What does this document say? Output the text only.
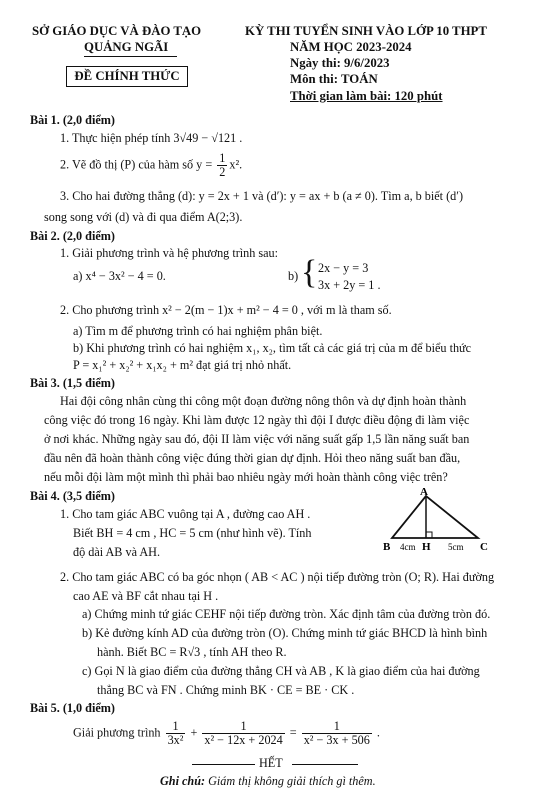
SỞ GIÁO DỤC VÀ ĐÀO TẠO
QUẢNG NGÃI
ĐỀ CHÍNH THỨC
KỲ THI TUYỂN SINH VÀO LỚP 10 THPT
NĂM HỌC 2023-2024
Ngày thi: 9/6/2023
Môn thi: TOÁN
Thời gian làm bài: 120 phút
Bài 1. (2,0 điểm)
1. Thực hiện phép tính 3√49 − √121 .
2. Vẽ đồ thị (P) của hàm số $y = \frac{1}{2} x^2$.
3. Cho hai đường thẳng (d): y = 2x + 1 và (d′): y = ax + b (a ≠ 0). Tìm a, b biết (d′)
song song với (d) và đi qua điểm A(2;3).
Bài 2. (2,0 điểm)
1. Giải phương trình và hệ phương trình sau:
a) x⁴ − 3x² − 4 = 0.	b) { 2x − y = 3
3x + 2y = 1 .
2. Cho phương trình x² − 2(m − 1)x + m² − 4 = 0 , với m là tham số.
a) Tìm m để phương trình có hai nghiệm phân biệt.
b) Khi phương trình có hai nghiệm x₁, x₂, tìm tất cả các giá trị của m để biểu thức
P = x₁² + x₂² + x₁x₂ + m² đạt giá trị nhỏ nhất.
Bài 3. (1,5 điểm)
Hai đội công nhân cùng thi công một đoạn đường nông thôn và dự định hoàn thành
công việc đó trong 16 ngày. Khi làm được 12 ngày thì đội I được điều động đi làm việc
ở nơi khác. Những ngày sau đó, đội II làm việc với năng suất gấp 1,5 lần năng suất ban
đầu nên đã hoàn thành công việc đúng thời gian dự định. Hỏi theo năng suất ban đầu,
nếu mỗi đội làm một mình thì phải bao nhiêu ngày mới hoàn thành công việc trên?
Bài 4. (3,5 điểm)
1. Cho tam giác ABC vuông tại A , đường cao AH .
Biết BH = 4 cm , HC = 5 cm (như hình vẽ). Tính
độ dài AB và AH.
A
B	H	C
4cm	5cm
2. Cho tam giác ABC có ba góc nhọn ( AB < AC ) nội tiếp đường tròn (O; R). Hai đường
cao AE và BF cắt nhau tại H .
a) Chứng minh tứ giác CEHF nội tiếp đường tròn. Xác định tâm của đường tròn đó.
b) Kẻ đường kính AD của đường tròn (O). Chứng minh tứ giác BHCD là hình bình
hành. Biết BC = R√3 , tính AH theo R.
c) Gọi N là giao điểm của đường thẳng CH và AB , K là giao điểm của hai đường
thẳng BC và FN . Chứng minh BK · CE = BE · CK .
Bài 5. (1,0 điểm)
Giải phương trình $\frac{1}{\text{3x²}} + \frac{1}{\text{x² − 12x + 2024}} = \frac{1}{\text{x² − 3x + 506}}$ .
HẾT
Ghi chú: Giám thị không giải thích gì thêm.
